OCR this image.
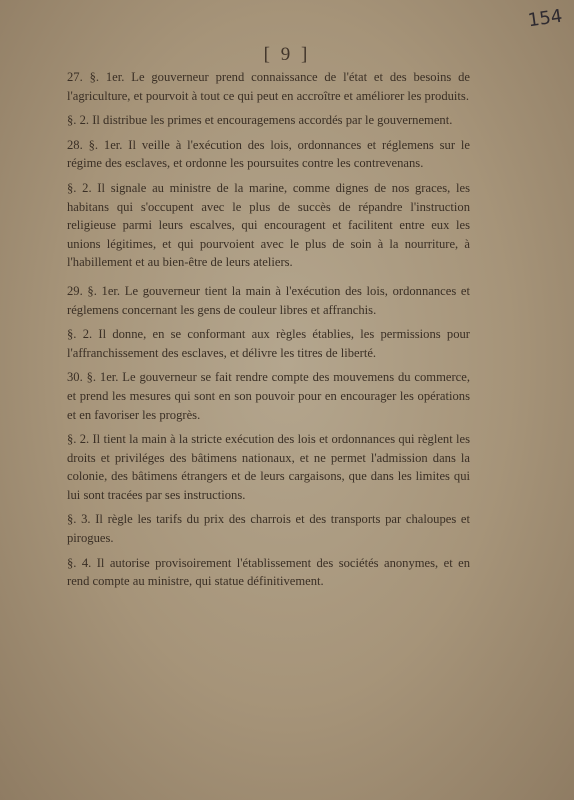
154
[ 9 ]

27. §. 1er. Le gouverneur prend connaissance de l'état et des besoins de l'agriculture, et pourvoit à tout ce qui peut en accroître et améliorer les produits.

§. 2. Il distribue les primes et encouragemens accordés par le gouvernement.

28. §. 1er. Il veille à l'exécution des lois, ordonnances et réglemens sur le régime des esclaves, et ordonne les poursuites contre les contrevenans.

§. 2. Il signale au ministre de la marine, comme dignes de nos graces, les habitans qui s'occupent avec le plus de succès de répandre l'instruction religieuse parmi leurs escalves, qui encouragent et facilitent entre eux les unions légitimes, et qui pourvoient avec le plus de soin à la nourriture, à l'habillement et au bien-être de leurs ateliers.

29. §. 1er. Le gouverneur tient la main à l'exécution des lois, ordonnances et réglemens concernant les gens de couleur libres et affranchis.

§. 2. Il donne, en se conformant aux règles établies, les permissions pour l'affranchissement des esclaves, et délivre les titres de liberté.

30. §. 1er. Le gouverneur se fait rendre compte des mouvemens du commerce, et prend les mesures qui sont en son pouvoir pour en encourager les opérations et en favoriser les progrès.

§. 2. Il tient la main à la stricte exécution des lois et ordonnances qui règlent les droits et priviléges des bâtimens nationaux, et ne permet l'admission dans la colonie, des bâtimens étrangers et de leurs cargaisons, que dans les limites qui lui sont tracées par ses instructions.

§. 3. Il règle les tarifs du prix des charrois et des transports par chaloupes et pirogues.

§. 4. Il autorise provisoirement l'établissement des sociétés anonymes, et en rend compte au ministre, qui statue définitivement.
